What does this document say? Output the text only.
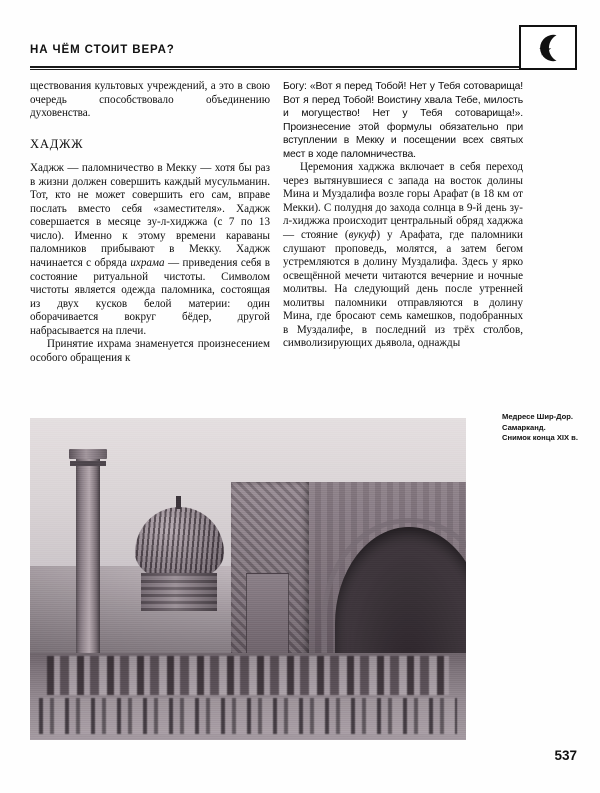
НА ЧЁМ СТОИТ ВЕРА?

ществования культовых учреждений, а это в свою очередь способствовало объединению духовенства.

ХАДЖЖ

Хаджж — паломничество в Мекку — хотя бы раз в жизни должен совершить каждый мусульманин. Тот, кто не может совершить его сам, вправе послать вместо себя «заместителя». Хаджж совершается в месяце зу-л-хиджжа (с 7 по 13 число). Именно к этому времени караваны паломников прибывают в Мекку. Хаджж начинается с обряда ихрама — приведения себя в состояние ритуальной чистоты. Символом чистоты является одежда паломника, состоящая из двух кусков белой материи: один оборачивается вокруг бёдер, другой набрасывается на плечи.

Принятие ихрама знаменуется произнесением особого обращения к

Богу: «Вот я перед Тобой! Нет у Тебя сотоварища! Вот я перед Тобой! Воистину хвала Тебе, милость и могущество! Нет у Тебя сотоварища!». Произнесение этой формулы обязательно при вступлении в Мекку и посещении всех святых мест в ходе паломничества.

Церемония хаджжа включает в себя переход через вытянувшиеся с запада на восток долины Мина и Муздалифа возле горы Арафат (в 18 км от Мекки). С полудня до захода солнца в 9-й день зу-л-хиджжа происходит центральный обряд хаджжа — стояние (вукуф) у Арафата, где паломники слушают проповедь, молятся, а затем бегом устремляются в долину Муздалифа. Здесь у ярко освещённой мечети читаются вечерние и ночные молитвы. На следующий день после утренней молитвы паломники отправляются в долину Мина, где бросают семь камешков, подобранных в Муздалифе, в последний из трёх столбов, символизирующих дьявола, однажды

Медресе Шир-Дор.
Самарканд.
Снимок конца XIX в.
537
